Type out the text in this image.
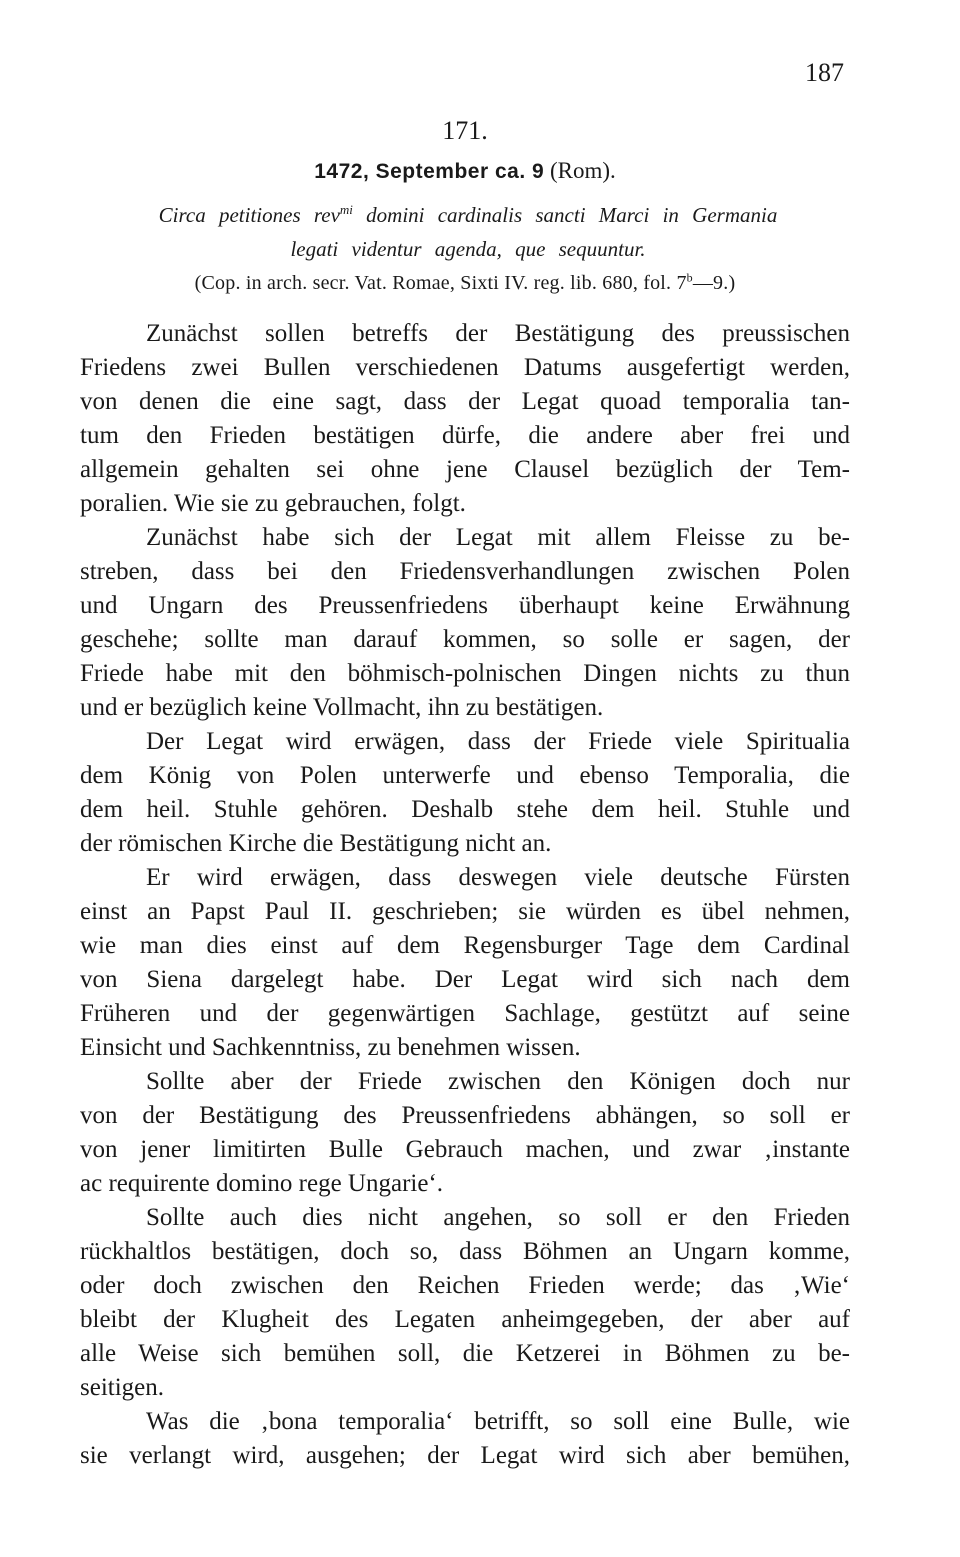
187
171.
1472, September ca. 9 (Rom).
Circa petitiones rev$^{mi}$ domini cardinalis sancti Marci in Germania
legati videntur agenda, que sequuntur.
(Cop. in arch. secr. Vat. Romae, Sixti IV. reg. lib. 680, fol. 7$^b$—9.)
Zunächst sollen betreffs der Bestätigung des preussischen
Friedens zwei Bullen verschiedenen Datums ausgefertigt werden,
von denen die eine sagt, dass der Legat quoad temporalia tan-
tum den Frieden bestätigen dürfe, die andere aber frei und
allgemein gehalten sei ohne jene Clausel bezüglich der Tem-
poralien. Wie sie zu gebrauchen, folgt.
Zunächst habe sich der Legat mit allem Fleisse zu be-
streben, dass bei den Friedensverhandlungen zwischen Polen
und Ungarn des Preussenfriedens überhaupt keine Erwähnung
geschehe; sollte man darauf kommen, so solle er sagen, der
Friede habe mit den böhmisch-polnischen Dingen nichts zu thun
und er bezüglich keine Vollmacht, ihn zu bestätigen.
Der Legat wird erwägen, dass der Friede viele Spiritualia
dem König von Polen unterwerfe und ebenso Temporalia, die
dem heil. Stuhle gehören. Deshalb stehe dem heil. Stuhle und
der römischen Kirche die Bestätigung nicht an.
Er wird erwägen, dass deswegen viele deutsche Fürsten
einst an Papst Paul II. geschrieben; sie würden es übel nehmen,
wie man dies einst auf dem Regensburger Tage dem Cardinal
von Siena dargelegt habe. Der Legat wird sich nach dem
Früheren und der gegenwärtigen Sachlage, gestützt auf seine
Einsicht und Sachkenntniss, zu benehmen wissen.
Sollte aber der Friede zwischen den Königen doch nur
von der Bestätigung des Preussenfriedens abhängen, so soll er
von jener limitirten Bulle Gebrauch machen, und zwar ‚instante
ac requirente domino rege Ungarie‘.
Sollte auch dies nicht angehen, so soll er den Frieden
rückhaltlos bestätigen, doch so, dass Böhmen an Ungarn komme,
oder doch zwischen den Reichen Frieden werde; das ‚Wie‘
bleibt der Klugheit des Legaten anheimgegeben, der aber auf
alle Weise sich bemühen soll, die Ketzerei in Böhmen zu be-
seitigen.
Was die ‚bona temporalia‘ betrifft, so soll eine Bulle, wie
sie verlangt wird, ausgehen; der Legat wird sich aber bemühen,
